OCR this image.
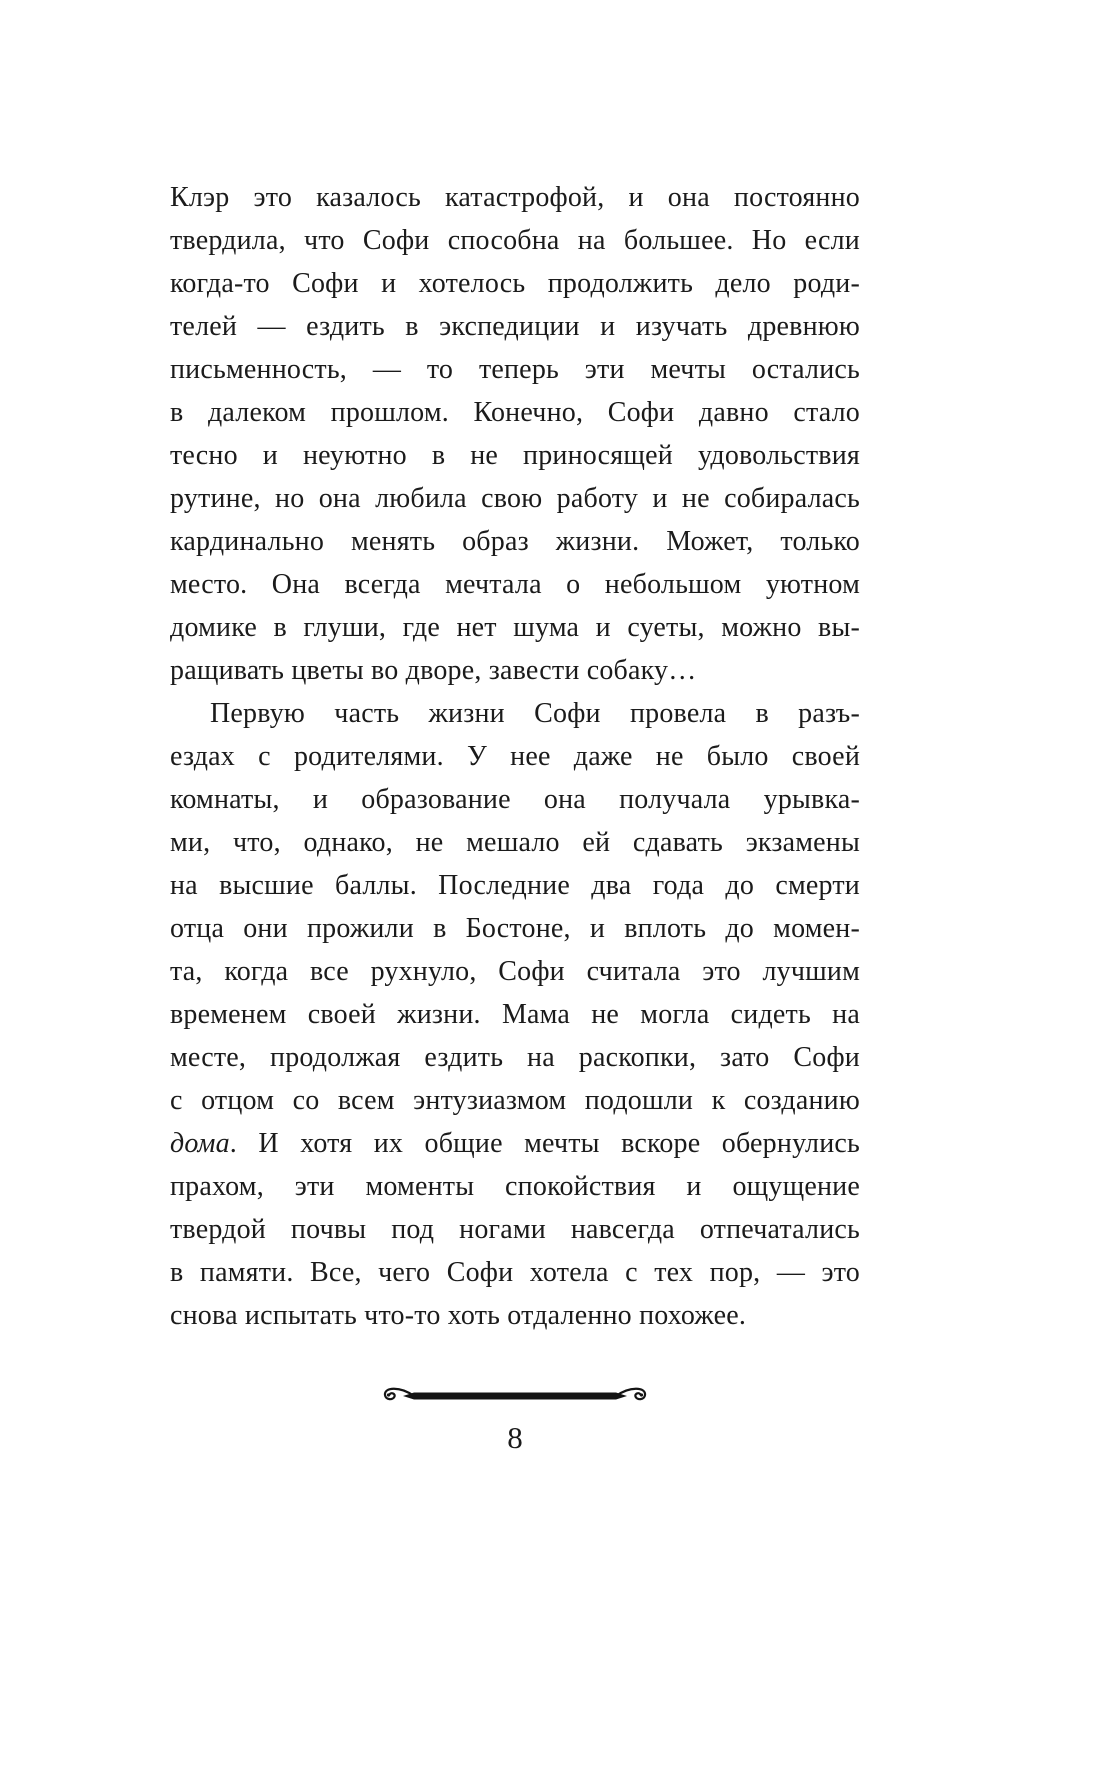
Клэр это казалось катастрофой, и она постоянно
твердила, что Софи способна на большее. Но если
когда-то Софи и хотелось продолжить дело роди-
телей — ездить в экспедиции и изучать древнюю
письменность, — то теперь эти мечты остались
в далеком прошлом. Конечно, Софи давно стало
тесно и неуютно в не приносящей удовольствия
рутине, но она любила свою работу и не собиралась
кардинально менять образ жизни. Может, только
место. Она всегда мечтала о небольшом уютном
домике в глуши, где нет шума и суеты, можно вы-
ращивать цветы во дворе, завести собаку…
Первую часть жизни Софи провела в разъ-
ездах с родителями. У нее даже не было своей
комнаты, и образование она получала урывка-
ми, что, однако, не мешало ей сдавать экзамены
на высшие баллы. Последние два года до смерти
отца они прожили в Бостоне, и вплоть до момен-
та, когда все рухнуло, Софи считала это лучшим
временем своей жизни. Мама не могла сидеть на
месте, продолжая ездить на раскопки, зато Софи
с отцом со всем энтузиазмом подошли к созданию
дома. И хотя их общие мечты вскоре обернулись
прахом, эти моменты спокойствия и ощущение
твердой почвы под ногами навсегда отпечатались
в памяти. Все, чего Софи хотела с тех пор, — это
снова испытать что-то хоть отдаленно похожее.
8
